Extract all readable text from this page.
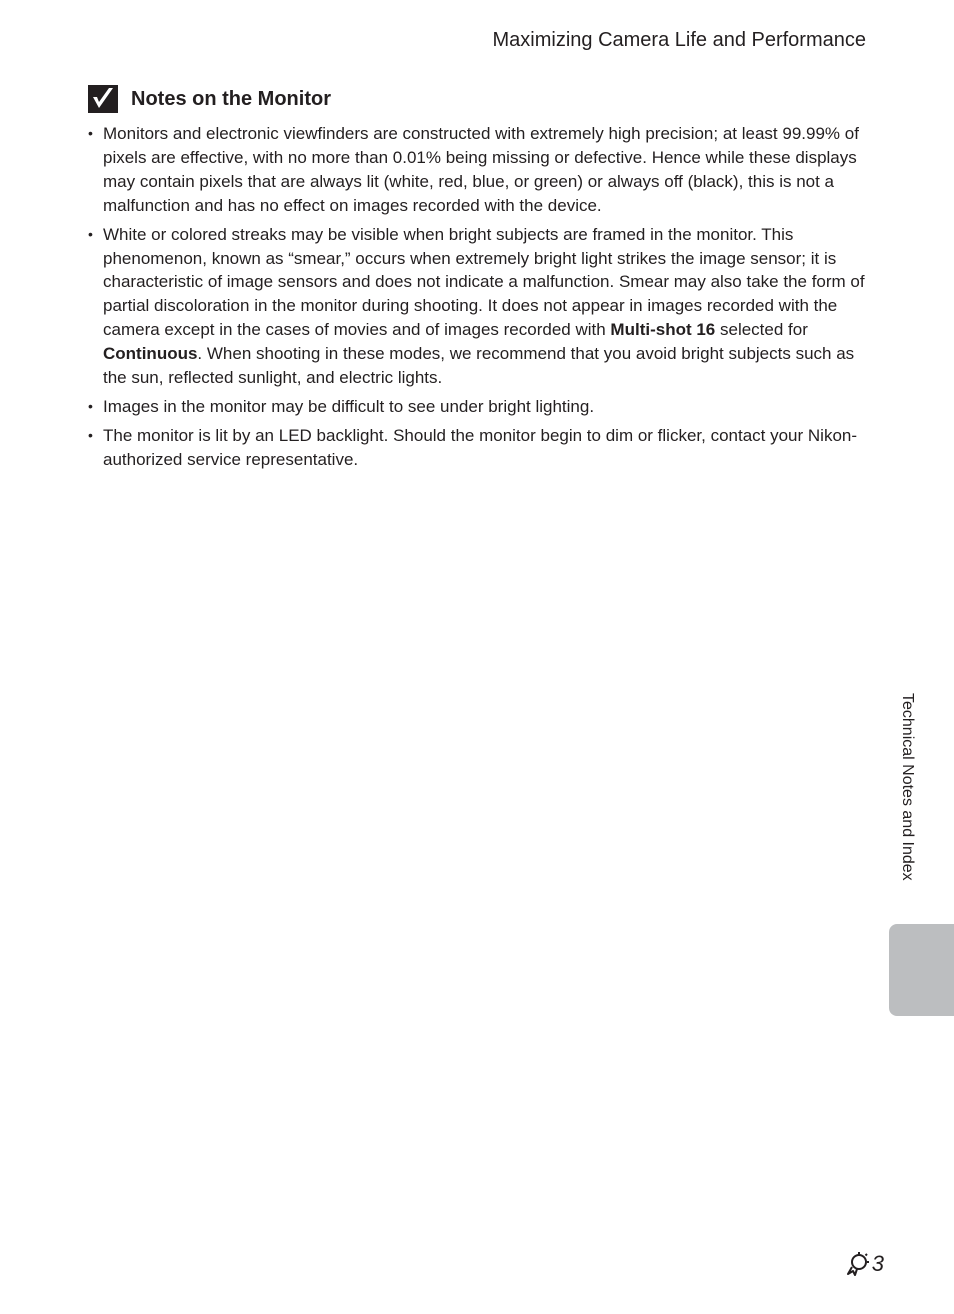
Maximizing Camera Life and Performance
Notes on the Monitor
• Monitors and electronic viewfinders are constructed with extremely high precision; at least 99.99% of pixels are effective, with no more than 0.01% being missing or defective. Hence while these displays may contain pixels that are always lit (white, red, blue, or green) or always off (black), this is not a malfunction and has no effect on images recorded with the device.
• White or colored streaks may be visible when bright subjects are framed in the monitor. This phenomenon, known as “smear,” occurs when extremely bright light strikes the image sensor; it is characteristic of image sensors and does not indicate a malfunction. Smear may also take the form of partial discoloration in the monitor during shooting. It does not appear in images recorded with the camera except in the cases of movies and of images recorded with Multi-shot 16 selected for Continuous. When shooting in these modes, we recommend that you avoid bright subjects such as the sun, reflected sunlight, and electric lights.
• Images in the monitor may be difficult to see under bright lighting.
• The monitor is lit by an LED backlight. Should the monitor begin to dim or flicker, contact your Nikon-authorized service representative.
Technical Notes and Index
3
